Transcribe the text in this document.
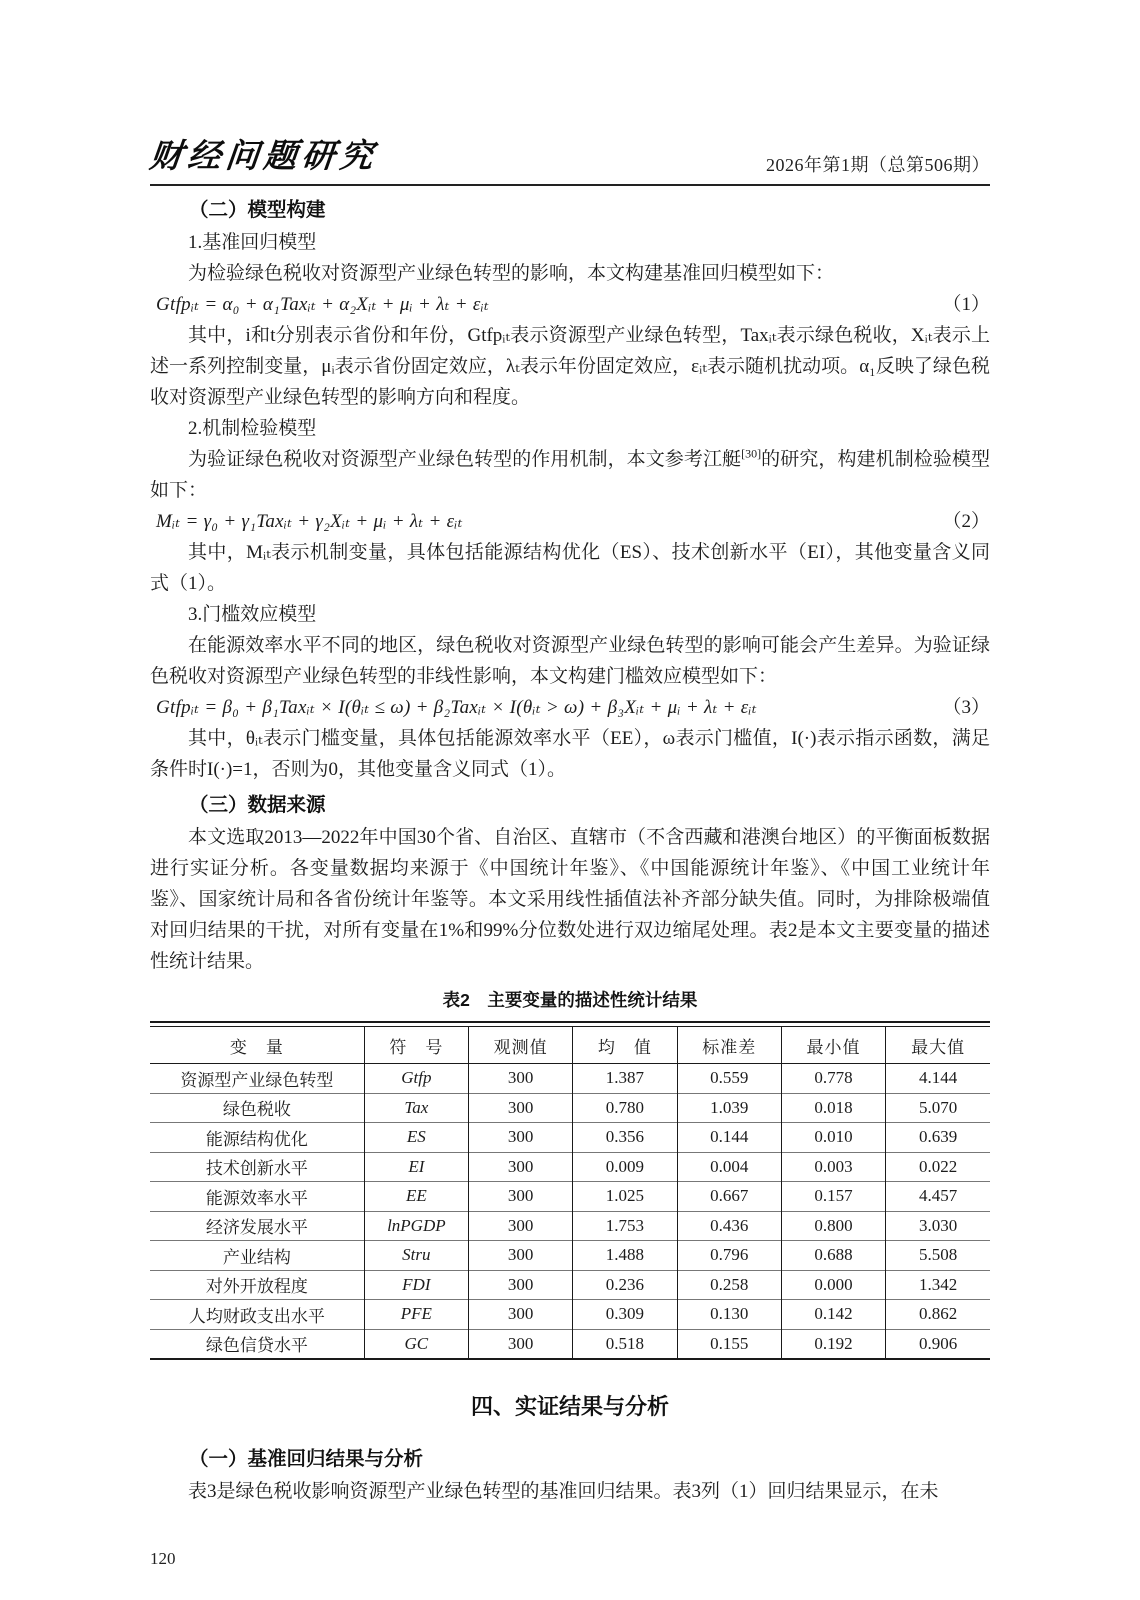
财经问题研究	2026年第1期（总第506期）
（二）模型构建

1.基准回归模型

为检验绿色税收对资源型产业绿色转型的影响，本文构建基准回归模型如下：

Gtfpᵢₜ = α₀ + α₁Taxᵢₜ + α₂Xᵢₜ + μᵢ + λₜ + εᵢₜ	（1）

其中，i和t分别表示省份和年份，Gtfpᵢₜ表示资源型产业绿色转型，Taxᵢₜ表示绿色税收，Xᵢₜ表示上述一系列控制变量，μᵢ表示省份固定效应，λₜ表示年份固定效应，εᵢₜ表示随机扰动项。α₁反映了绿色税收对资源型产业绿色转型的影响方向和程度。

2.机制检验模型

为验证绿色税收对资源型产业绿色转型的作用机制，本文参考江艇[30]的研究，构建机制检验模型如下：

Mᵢₜ = γ₀ + γ₁Taxᵢₜ + γ₂Xᵢₜ + μᵢ + λₜ + εᵢₜ	（2）

其中，Mᵢₜ表示机制变量，具体包括能源结构优化（ES）、技术创新水平（EI），其他变量含义同式（1）。

3.门槛效应模型

在能源效率水平不同的地区，绿色税收对资源型产业绿色转型的影响可能会产生差异。为验证绿色税收对资源型产业绿色转型的非线性影响，本文构建门槛效应模型如下：

Gtfpᵢₜ = β₀ + β₁Taxᵢₜ × I(θᵢₜ ≤ ω) + β₂Taxᵢₜ × I(θᵢₜ > ω) + β₃Xᵢₜ + μᵢ + λₜ + εᵢₜ	（3）

其中，θᵢₜ表示门槛变量，具体包括能源效率水平（EE），ω表示门槛值，I(·)表示指示函数，满足条件时I(·)=1，否则为0，其他变量含义同式（1）。

（三）数据来源

本文选取2013—2022年中国30个省、自治区、直辖市（不含西藏和港澳台地区）的平衡面板数据进行实证分析。各变量数据均来源于《中国统计年鉴》、《中国能源统计年鉴》、《中国工业统计年鉴》、国家统计局和各省份统计年鉴等。本文采用线性插值法补齐部分缺失值。同时，为排除极端值对回归结果的干扰，对所有变量在1%和99%分位数处进行双边缩尾处理。表2是本文主要变量的描述性统计结果。

表2　主要变量的描述性统计结果
变　量	符　号	观测值	均　值	标准差	最小值	最大值
资源型产业绿色转型	Gtfp	300	1.387	0.559	0.778	4.144
绿色税收	Tax	300	0.780	1.039	0.018	5.070
能源结构优化	ES	300	0.356	0.144	0.010	0.639
技术创新水平	EI	300	0.009	0.004	0.003	0.022
能源效率水平	EE	300	1.025	0.667	0.157	4.457
经济发展水平	lnPGDP	300	1.753	0.436	0.800	3.030
产业结构	Stru	300	1.488	0.796	0.688	5.508
对外开放程度	FDI	300	0.236	0.258	0.000	1.342
人均财政支出水平	PFE	300	0.309	0.130	0.142	0.862
绿色信贷水平	GC	300	0.518	0.155	0.192	0.906
四、实证结果与分析
（一）基准回归结果与分析

表3是绿色税收影响资源型产业绿色转型的基准回归结果。表3列（1）回归结果显示，在未

120
